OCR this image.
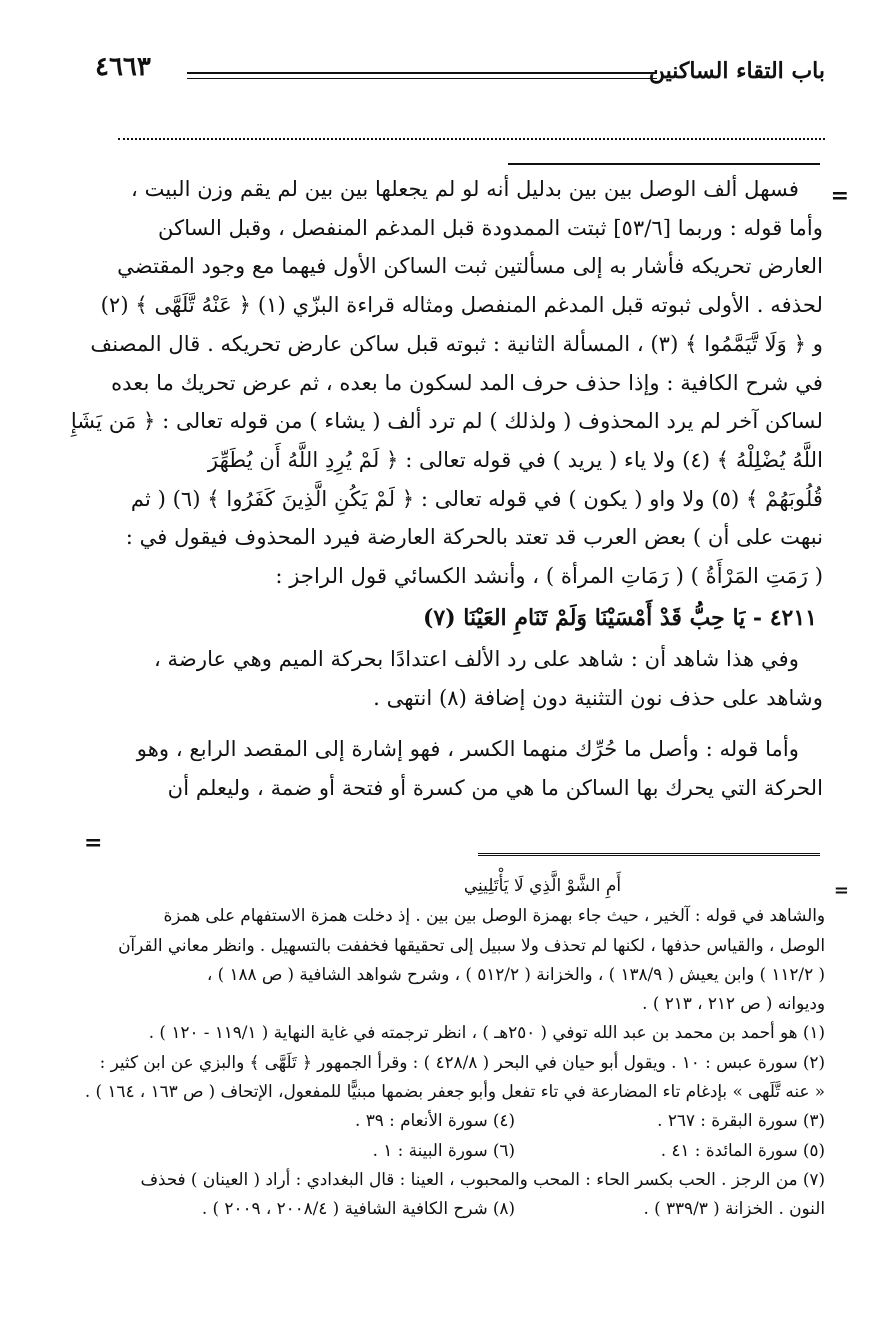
باب التقاء الساكنين
٤٦٦٣
=
=
=

فسهل ألف الوصل بين بين بدليل أنه لو لم يجعلها بين بين لم يقم وزن البيت ،

وأما قوله : وربما [٥٣/٦] ثبتت الممدودة قبل المدغم المنفصل ، وقبل الساكن

العارض تحريكه فأشار به إلى مسألتين ثبت الساكن الأول فيهما مع وجود المقتضي

لحذفه . الأولى ثبوته قبل المدغم المنفصل ومثاله قراءة البزّي (١) ﴿ عَنْهُ تَّلَهَّى ﴾ (٢)

و ﴿ وَلَا تَّيَمَّمُوا ﴾ (٣) ، المسألة الثانية : ثبوته قبل ساكن عارض تحريكه . قال المصنف

في شرح الكافية : وإذا حذف حرف المد لسكون ما بعده ، ثم عرض تحريك ما بعده

لساكن آخر لم يرد المحذوف ( ولذلك ) لم ترد ألف ( يشاء ) من قوله تعالى : ﴿ مَن يَشَإِ

اللَّهُ يُضْلِلْهُ ﴾ (٤) ولا ياء ( يريد ) في قوله تعالى : ﴿ لَمْ يُرِدِ اللَّهُ أَن يُطَهِّرَ

قُلُوبَهُمْ ﴾ (٥) ولا واو ( يكون ) في قوله تعالى : ﴿ لَمْ يَكُنِ الَّذِينَ كَفَرُوا ﴾ (٦) ( ثم

نبهت على أن ) بعض العرب قد تعتد بالحركة العارضة فيرد المحذوف فيقول في :

( رَمَتِ المَرْأَةُ ) ( رَمَاتِ المرأة ) ، وأنشد الكسائي قول الراجز :

٤٢١١ - يَا حِبُّ قَدْ أَمْسَيْنَا وَلَمْ تَنَامِ العَيْنَا (٧)

وفي هذا شاهد أن : شاهد على رد الألف اعتدادًا بحركة الميم وهي عارضة ،

وشاهد على حذف نون التثنية دون إضافة (٨) انتهى .

وأما قوله : وأصل ما حُرِّك منهما الكسر ، فهو إشارة إلى المقصد الرابع ، وهو

الحركة التي يحرك بها الساكن ما هي من كسرة أو فتحة أو ضمة ، وليعلم أن

أَمِ الشَّوْ الَّذِي لَا يَأْتَلِينِي

والشاهد في قوله : آلخير ، حيث جاء بهمزة الوصل بين بين . إذ دخلت همزة الاستفهام على همزة

الوصل ، والقياس حذفها ، لكنها لم تحذف ولا سبيل إلى تحقيقها فخففت بالتسهيل . وانظر معاني القرآن

( ١١٢/٢ ) وابن يعيش ( ١٣٨/٩ ) ، والخزانة ( ٥١٢/٢ ) ، وشرح شواهد الشافية ( ص ١٨٨ ) ،

وديوانه ( ص ٢١٢ ، ٢١٣ ) .

(١) هو أحمد بن محمد بن عبد الله توفي ( ٢٥٠هـ ) ، انظر ترجمته في غاية النهاية ( ١١٩/١ - ١٢٠ ) .

(٢) سورة عبس : ١٠ . ويقول أبو حيان في البحر ( ٤٢٨/٨ ) : وقرأ الجمهور ﴿ تَلَهَّى ﴾ والبزي عن ابن كثير :

« عنه تَّلَهى » بإدغام تاء المضارعة في تاء تفعل وأبو جعفر بضمها مبنيًّا للمفعول، الإتحاف ( ص ١٦٣ ، ١٦٤ ) .

(٣) سورة البقرة : ٢٦٧ .
(٤) سورة الأنعام : ٣٩ .
(٥) سورة المائدة : ٤١ .
(٦) سورة البينة : ١ .

(٧) من الرجز . الحب بكسر الحاء : المحب والمحبوب ، العينا : قال البغدادي : أراد ( العينان ) فحذف

النون . الخزانة ( ٣٣٩/٣ ) .
(٨) شرح الكافية الشافية ( ٢٠٠٨/٤ ، ٢٠٠٩ ) .
